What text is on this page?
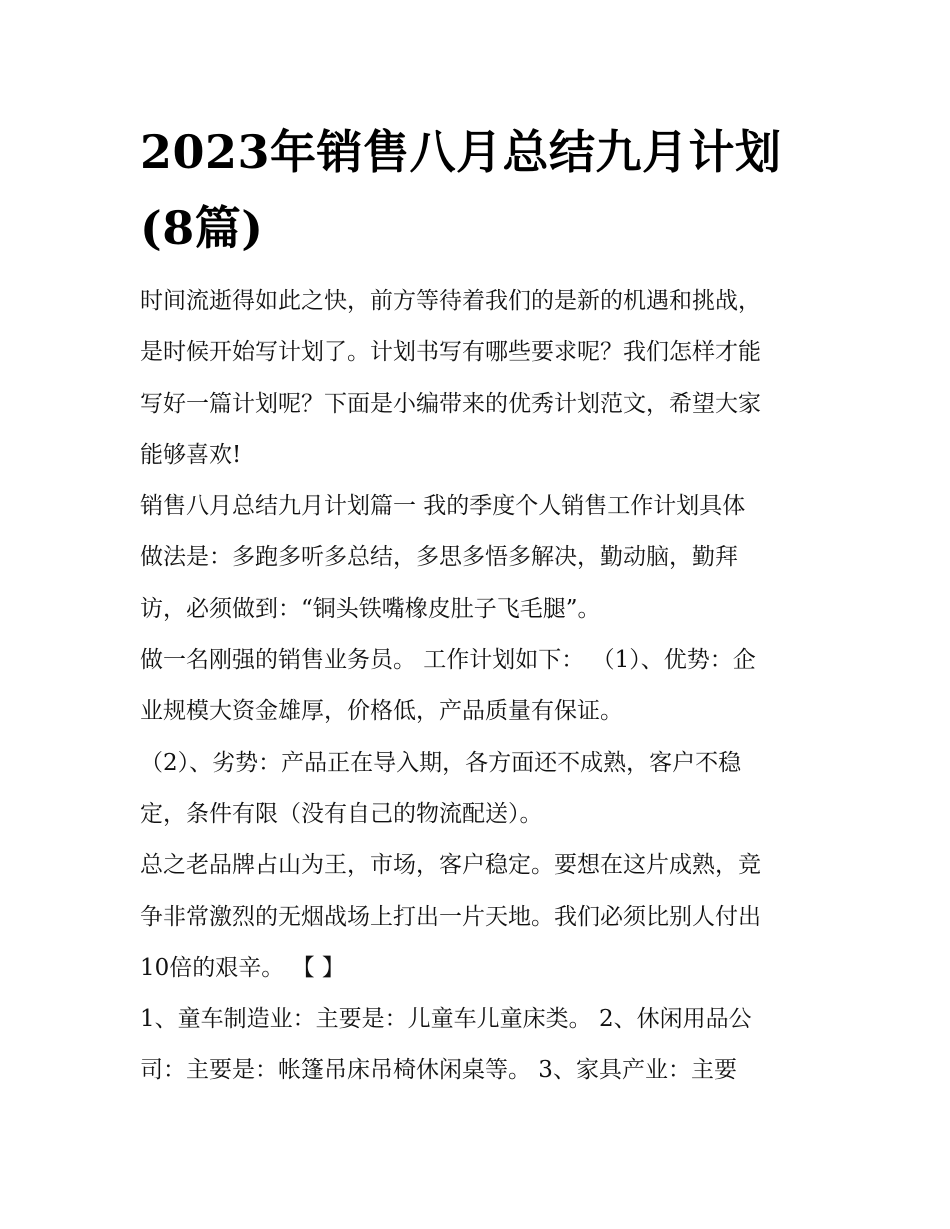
2023年销售八月总结九月计划
(8篇)
时间流逝得如此之快，前方等待着我们的是新的机遇和挑战，
是时候开始写计划了。计划书写有哪些要求呢？我们怎样才能
写好一篇计划呢？下面是小编带来的优秀计划范文，希望大家
能够喜欢!
销售八月总结九月计划篇一 我的季度个人销售工作计划具体
做法是：多跑多听多总结，多思多悟多解决，勤动脑，勤拜
访，必须做到：“铜头铁嘴橡皮肚子飞毛腿”。
做一名刚强的销售业务员。 工作计划如下： （1）、优势：企
业规模大资金雄厚，价格低，产品质量有保证。
（2）、劣势：产品正在导入期，各方面还不成熟，客户不稳
定，条件有限（没有自己的物流配送）。
总之老品牌占山为王，市场，客户稳定。要想在这片成熟，竞
争非常激烈的无烟战场上打出一片天地。我们必须比别人付出
10倍的艰辛。 【 】
1、童车制造业：主要是：儿童车儿童床类。 2、休闲用品公
司：主要是：帐篷吊床吊椅休闲桌等。 3、家具产业：主要
